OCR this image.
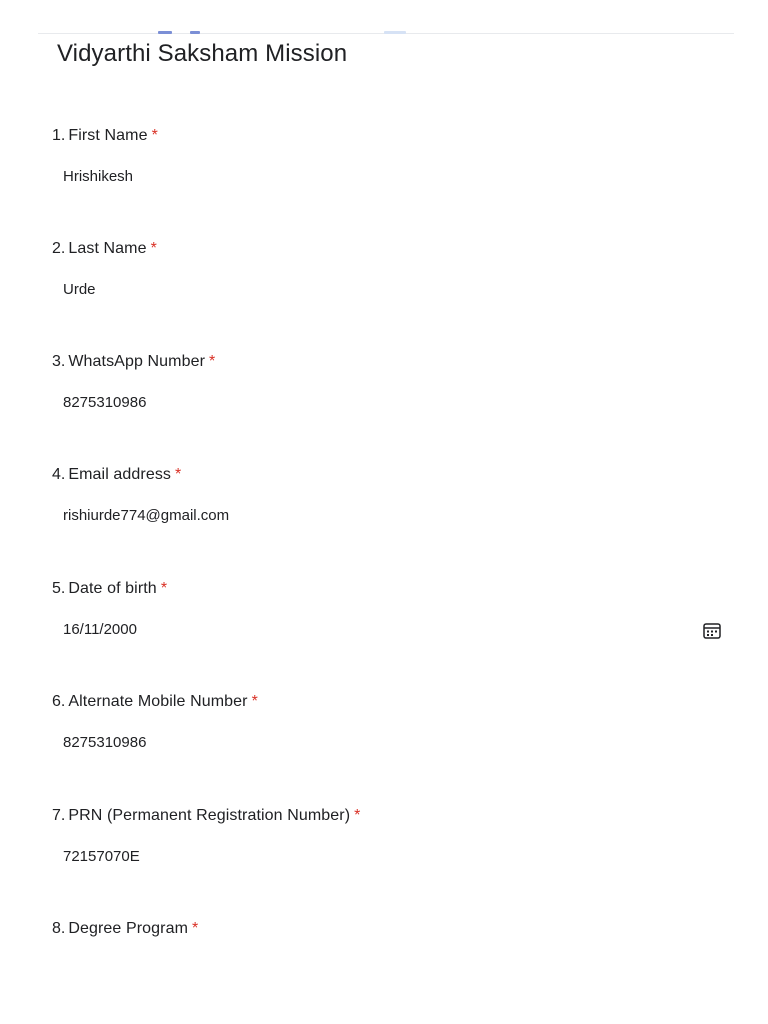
Vidyarthi Saksham Mission
1. First Name *
Hrishikesh
2. Last Name *
Urde
3. WhatsApp Number *
8275310986
4. Email address *
rishiurde774@gmail.com
5. Date of birth *
16/11/2000
6. Alternate Mobile Number *
8275310986
7. PRN (Permanent Registration Number) *
72157070E
8. Degree Program *
